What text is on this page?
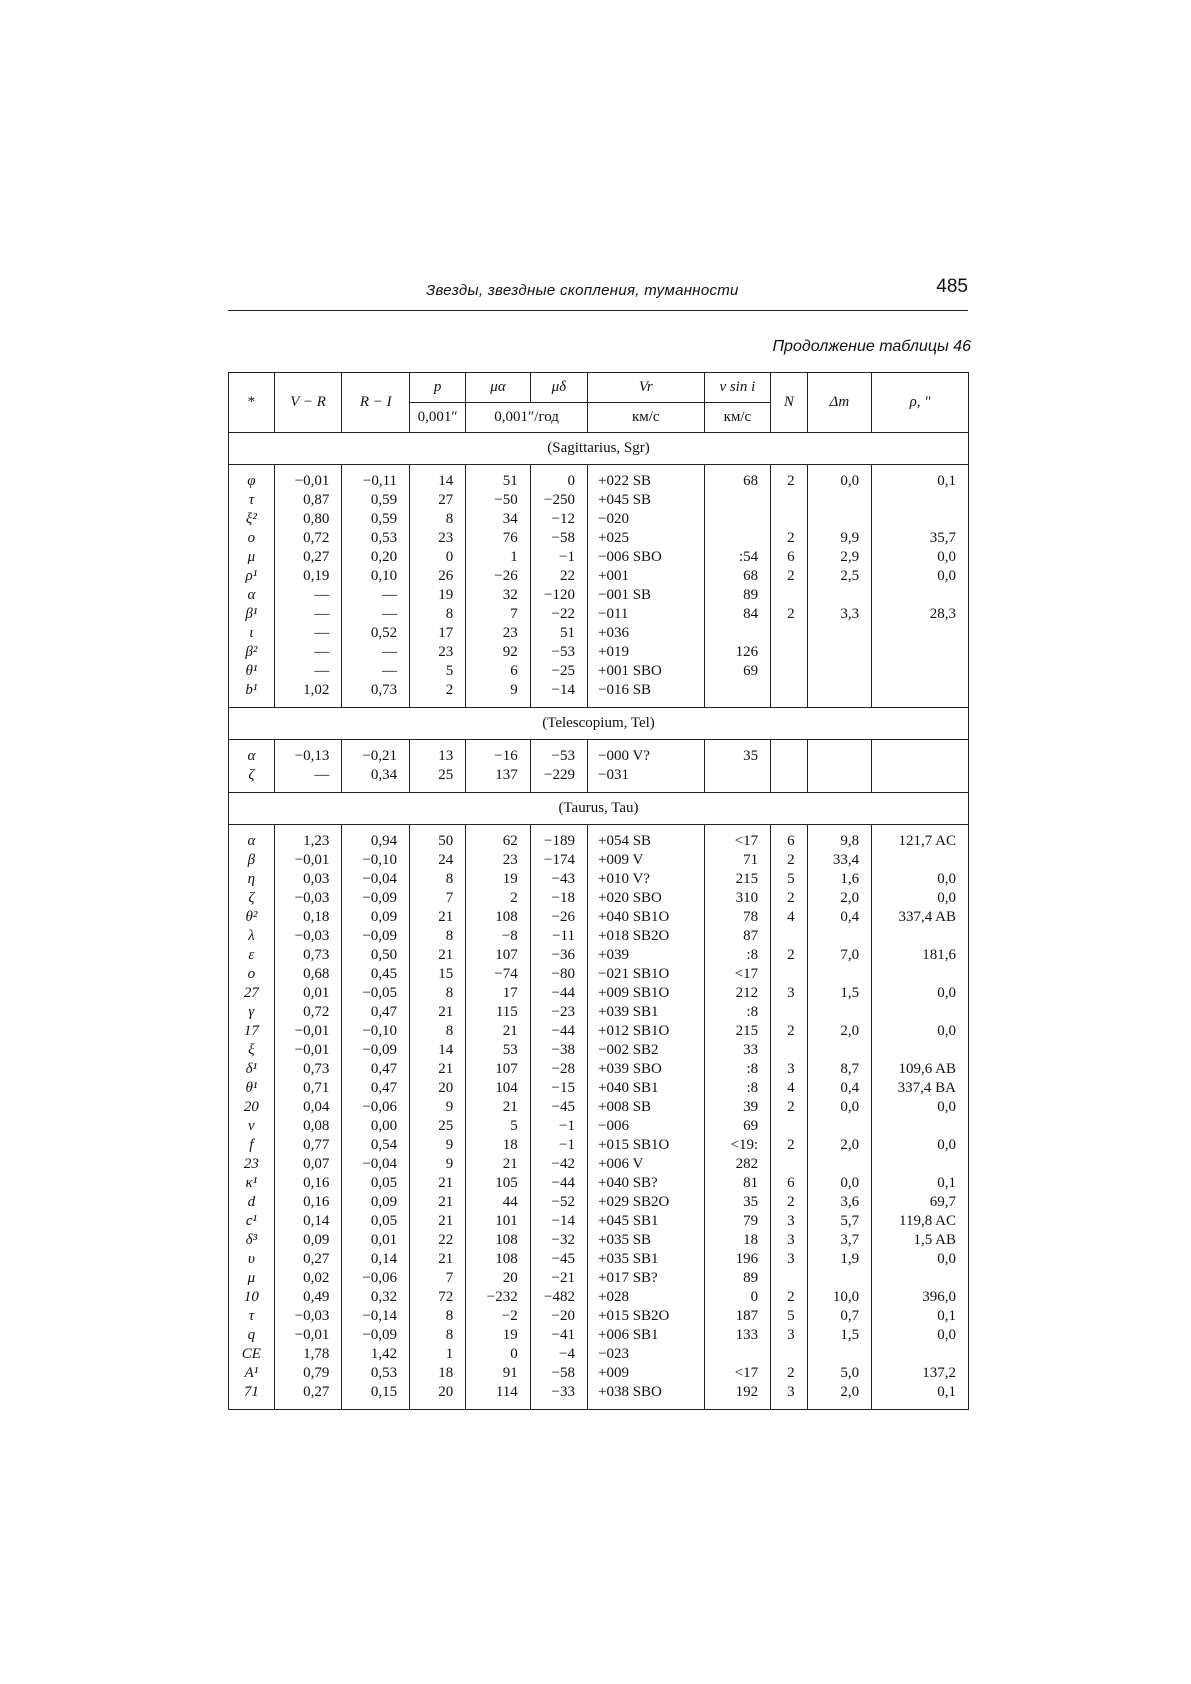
Звезды, звездные скопления, туманности	485
Продолжение таблицы 46
*	V − R	R − I	p	μα	μδ	Vr	v sin i	N	Δm	ρ, ″
			0,001″	0,001″/год		км/с	км/с			
(Sagittarius, Sgr)										

φ	−0,01	−0,11	14	51	0	+022 SB	68	2	0,0	0,1
τ	0,87	0,59	27	−50	−250	+045 SB				
ξ²	0,80	0,59	8	34	−12	−020				
ο	0,72	0,53	23	76	−58	+025		2	9,9	35,7
μ	0,27	0,20	0	1	−1	−006 SBO	:54	6	2,9	0,0
ρ¹	0,19	0,10	26	−26	22	+001	68	2	2,5	0,0
α	—	—	19	32	−120	−001 SB	89			
β¹	—	—	8	7	−22	−011	84	2	3,3	28,3
ι	—	0,52	17	23	51	+036				
β²	—	—	23	92	−53	+019	126			
θ¹	—	—	5	6	−25	+001 SBO	69			
b¹	1,02	0,73	2	9	−14	−016 SB				

(Telescopium, Tel)										

α	−0,13	−0,21	13	−16	−53	−000 V?	35			
ζ	—	0,34	25	137	−229	−031				

(Taurus, Tau)										

α	1,23	0,94	50	62	−189	+054 SB	<17	6	9,8	121,7 AC
β	−0,01	−0,10	24	23	−174	+009 V	71	2	33,4	
η	0,03	−0,04	8	19	−43	+010 V?	215	5	1,6	0,0
ζ	−0,03	−0,09	7	2	−18	+020 SBO	310	2	2,0	0,0
θ²	0,18	0,09	21	108	−26	+040 SB1O	78	4	0,4	337,4 AB
λ	−0,03	−0,09	8	−8	−11	+018 SB2O	87			
ε	0,73	0,50	21	107	−36	+039	:8	2	7,0	181,6
ο	0,68	0,45	15	−74	−80	−021 SB1O	<17			
27	0,01	−0,05	8	17	−44	+009 SB1O	212	3	1,5	0,0
γ	0,72	0,47	21	115	−23	+039 SB1	:8			
17	−0,01	−0,10	8	21	−44	+012 SB1O	215	2	2,0	0,0
ξ	−0,01	−0,09	14	53	−38	−002 SB2	33			
δ¹	0,73	0,47	21	107	−28	+039 SBO	:8	3	8,7	109,6 AB
θ¹	0,71	0,47	20	104	−15	+040 SB1	:8	4	0,4	337,4 BA
20	0,04	−0,06	9	21	−45	+008 SB	39	2	0,0	0,0
ν	0,08	0,00	25	5	−1	−006	69			
f	0,77	0,54	9	18	−1	+015 SB1O	<19:	2	2,0	0,0
23	0,07	−0,04	9	21	−42	+006 V	282			
κ¹	0,16	0,05	21	105	−44	+040 SB?	81	6	0,0	0,1
d	0,16	0,09	21	44	−52	+029 SB2O	35	2	3,6	69,7
c¹	0,14	0,05	21	101	−14	+045 SB1	79	3	5,7	119,8 AC
δ³	0,09	0,01	22	108	−32	+035 SB	18	3	3,7	1,5 AB
υ	0,27	0,14	21	108	−45	+035 SB1	196	3	1,9	0,0
μ	0,02	−0,06	7	20	−21	+017 SB?	89			
10	0,49	0,32	72	−232	−482	+028	0	2	10,0	396,0
τ	−0,03	−0,14	8	−2	−20	+015 SB2O	187	5	0,7	0,1
q	−0,01	−0,09	8	19	−41	+006 SB1	133	3	1,5	0,0
CE	1,78	1,42	1	0	−4	−023				
A¹	0,79	0,53	18	91	−58	+009	<17	2	5,0	137,2
71	0,27	0,15	20	114	−33	+038 SBO	192	3	2,0	0,1
